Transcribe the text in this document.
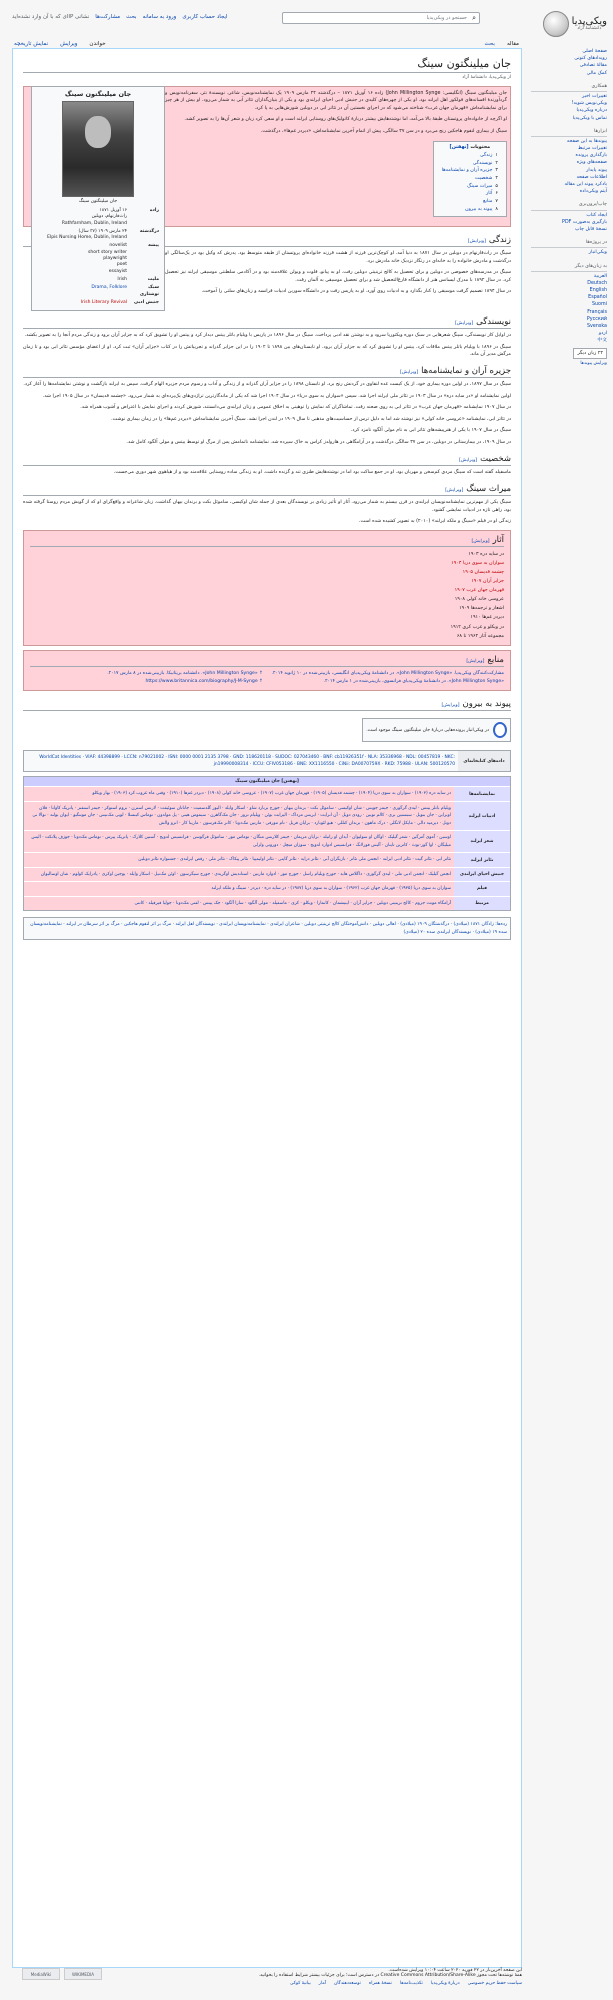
ویکی‌پدیا
دانشنامهٔ آزاد
ایجاد حساب کاربری
ورود به سامانه
بحث
مشارکت‌ها
نشانی IP‌ای که با آن وارد نشده‌اید	جستجو در ویکی‌پدیا ⌕
مقاله
بحث
خواندن
ویرایش
نمایش تاریخچه
صفحهٔ اصلی
رویدادهای کنونی
مقالهٔ تصادفی
کمک مالی
همکاری
تغییرات اخیر
ویکی‌نویس شوید!
درباره ویکی‌پدیا
تماس با ویکی‌پدیا
ابزارها
پیوندها به این صفحه
تغییرات مرتبط
بارگذاری پرونده
صفحه‌های ویژه
پیوند پایدار
اطلاعات صفحه
یادکرد پیوند این مقاله
آیتم ویکی‌داده
چاپ/برون‌بری
ایجاد کتاب
بارگیری به‌صورت PDF
نسخهٔ قابل چاپ
در پروژه‌ها
ویکی‌انبار
به زبان‌های دیگر
العربية
Deutsch
English
Español
Suomi
Français
Русский
Svenska
اردو
中文
۲۴ زبان دیگر
ویرایش پیوندها
جان میلینگتون سینگ
از ویکی‌پدیا، دانشنامهٔ آزاد
جان میلینگتون سینگ
جان میلینگتون سینگ
زاده	۱۶ آوریل ۱۸۷۱
راث‌فارنهام، دوبلین
Rathfarnham, Dublin, Ireland
درگذشته	۲۴ مارس ۱۹۰۹ (۳۷ سال)
Elpis Nursing Home, Dublin, Ireland
پیشه	novelist
short story writer
playwright
poet
essayist
ملیت	Irish
سبک نوشتاری	Drama, Folklore
جنبش ادبی	Irish Literary Revival

جان میلینگتون سینگ (انگلیسی: John Millington Synge) زاده ۱۶ آوریل ۱۸۷۱ – درگذشته ۲۴ مارس ۱۹۰۹ یک نمایشنامه‌نویس، شاعر، نویسندهٔ نثر، سفرنامه‌نویس و گردآورندهٔ افسانه‌های فولکور اهل ایرلند بود. او یکی از چهره‌های کلیدی در جنبش ادبی احیای ایرلندی بود و یکی از بنیان‌گذاران تئاتر آبی به شمار می‌رود. او بیش از هر چیز برای نمایشنامه‌اش «قهرمان جهان غرب» شناخته می‌شود که در اجرای نخستین آن در تئاتر ابی در دوبلین شورش‌هایی به پا کرد.

او اگرچه از خانواده‌ای پروتستان طبقهٔ بالا می‌آمد، اما نوشته‌هایش بیشتر دربارهٔ کاتولیک‌های روستایی ایرلند است و او سعی کرد زبان و شعر آن‌ها را به تصویر کشد.

سینگ از بیماری لنفوم هاجکین رنج می‌برد و در سن ۳۷ سالگی، پیش از اتمام آخرین نمایشنامه‌اش، «دیردر غم‌ها»، درگذشت.

محتویات [نهفتن]
۱زندگی
۲نویسندگی
۳جزیره آران و نمایشنامه‌ها
۴شخصیت
۵میراث سینگ
۶آثار
۷منابع
۸پیوند به بیرون
زندگی[ویرایش]

سینگ در راث‌فارنهام در دوبلین در سال ۱۸۷۱ به دنیا آمد. او کوچک‌ترین فرزند از هشت فرزند خانواده‌ای پروتستان از طبقه متوسط بود. پدرش که وکیل بود در یک‌سالگی او درگذشت و مادرش خانواده را به خانه‌ای در رتگار نزدیک خانه مادرش برد.

سینگ در مدرسه‌های خصوصی در دوبلین و برای تحصیل به کالج ترینیتی دوبلین رفت. او به پیانو، فلوت و ویولن علاقه‌مند بود و در آکادمی سلطنتی موسیقی ایرلند نیز تحصیل کرد. در سال ۱۸۹۲ با مدرک لیسانس هنر از دانشگاه فارغ‌التحصیل شد و برای تحصیل موسیقی به آلمان رفت.

در سال ۱۸۹۴ تصمیم گرفت موسیقی را کنار بگذارد و به ادبیات روی آورد. او به پاریس رفت و در دانشگاه سوربن ادبیات فرانسه و زبان‌های سلتی را آموخت.

نویسندگی[ویرایش]

در اوایل کار نویسندگی، سینگ شعرهایی در سبک دوره ویکتوریا سرود و به نوشتن نقد ادبی پرداخت. سینگ در سال ۱۸۹۶ در پاریس با ویلیام باتلر ییتس دیدار کرد و ییتس او را تشویق کرد که به جزایر آران برود و زندگی مردم آنجا را به تصویر بکشد.

سینگ در ۱۸۹۶ با ویلیام باتلر ییتس ملاقات کرد. ییتس او را تشویق کرد که به جزایر آران برود. او تابستان‌های بین ۱۸۹۸ تا ۱۹۰۲ را در این جزایر گذراند و تجربیاتش را در کتاب «جزایر آران» ثبت کرد. او از اعضای مؤسس تئاتر ابی بود و تا زمان مرگش مدیر آن ماند.

جزیره آران و نمایشنامه‌ها[ویرایش]

سینگ در سال ۱۸۹۷، در اولین دوره بیماری خود، از یک کیست غده لنفاوی در گردنش رنج برد. او تابستان ۱۸۹۸ را در جزایر آران گذراند و از زندگی و آداب و رسوم مردم جزیره الهام گرفت. سپس به ایرلند بازگشت و نوشتن نمایشنامه‌ها را آغاز کرد.

اولین نمایشنامه او «در سایه دره» در سال ۱۹۰۳ در تئاتر ملی ایرلند اجرا شد. سپس «سواران به سوی دریا» در سال ۱۹۰۴ اجرا شد که یکی از ماندگارترین تراژدی‌های یک‌پرده‌ای به شمار می‌رود. «چشمه قدیسان» در سال ۱۹۰۵ اجرا شد.

در سال ۱۹۰۷ نمایشنامه «قهرمان جهان غرب» در تئاتر ابی به روی صحنه رفت. تماشاگران که نمایش را توهینی به اخلاق عمومی و زنان ایرلندی می‌دانستند، شورش کردند و اجرای نمایش با اعتراض و آشوب همراه شد.

در تئاتر ابی، نمایشنامه «عروسی خانه کولی» نیز نوشته شد اما به دلیل ترس از حساسیت‌های مذهبی تا سال ۱۹۰۹ در لندن اجرا نشد. سینگ آخرین نمایشنامه‌اش «دیردر غم‌ها» را در زمان بیماری نوشت.

سینگ در سال ۱۹۰۷ با یکی از هنرپیشه‌های تئاتر ابی به نام مولی آلگود نامزد کرد.

در سال ۱۹۰۹، در بیمارستانی در دوبلین، در سن ۳۷ سالگی درگذشت و در آرامگاهی در هارولدز کراس به خاک سپرده شد. نمایشنامه ناتمامش پس از مرگ او توسط ییتس و مولی آلگود کامل شد.

شخصیت[ویرایش]

ماسفیلد گفته است که سینگ مردی کم‌سخن و مهربان بود. او در جمع ساکت بود اما در نوشته‌هایش طنزی تند و گزنده داشت. او به زندگی ساده روستایی علاقه‌مند بود و از هیاهوی شهر دوری می‌جست.

میراث سینگ[ویرایش]

سینگ یکی از مهم‌ترین نمایشنامه‌نویسان ایرلندی در قرن بیستم به شمار می‌رود. آثار او تأثیر زیادی بر نویسندگان بعدی از جمله شان اوکیسی، ساموئل بکت و برندان بیهان گذاشت. زبان شاعرانه و واقع‌گرای او که از گویش مردم روستا گرفته شده بود، راهی تازه در ادبیات نمایشی گشود.

زندگی او در فیلم «سینگ و ملکه ایرلند» (۲۰۱۰) به تصویر کشیده شده است.

آثار[ویرایش]
در سایه دره ۱۹۰۳
سواران به سوی دریا ۱۹۰۴
چشمه قدیسان ۱۹۰۵
جزایر آران ۱۹۰۷
قهرمان جهان غرب ۱۹۰۷
عروسی خانه کولی ۱۹۰۸
اشعار و ترجمه‌ها ۱۹۰۹
دیردر غم‌ها ۱۹۱۰
در ویکلو و غرب کری ۱۹۱۲
مجموعه آثار ۱۹۶۲ تا ۶۸
منابع[ویرایش]
مشارکت‌کنندگان ویکی‌پدیا. «John Millington Synge». در دانشنامهٔ ویکی‌پدیای انگلیسی، بازبینی‌شده در ۱۰ ژانویه ۲۰۱۴.
«John Millington Synge». در دانشنامهٔ ویکی‌پدیای فرانسوی، بازبینی‌شده در ۱ مارس ۲۰۱۴.
↑ «John Millington Synge». دانشنامه بریتانیکا. بازبینی‌شده در ۸ مارس ۲۰۱۷.
↑ https://www.britannica.com/biography/J-M-Synge
پیوند به بیرون[ویرایش]
در ویکی‌انبار پرونده‌هایی دربارهٔ جان میلینگتون سینگ موجود است.
داده‌های کتابخانه‌ای
WorldCat Identities · VIAF: 44398899 · LCCN: n79021002 · ISNI: 0000 0001 2135 3798 · GND: 118620118 · SUDOC: 027043460 · BNF: cb11926351f · NLA: 35336968 · NDL: 00457819 · NKC: jn19990008314 · ICCU: CFIV053186 · BNE: XX1116550 · CiNii: DA0070759X · RKD: 75988 · ULAN: 500120570
[نهفتن] جان میلینگتون سینگ
نمایشنامه‌ها
در سایه دره (۱۹۰۳) · سواران به سوی دریا (۱۹۰۴) · چشمه قدیسان (۱۹۰۵) · قهرمان جهان غرب (۱۹۰۷) · عروسی خانه کولی (۱۹۰۸) · دیردر غم‌ها (۱۹۱۰) · وقتی ماه غروب کرد (۱۹۰۳) · بهار ویکلو
ادبیات ایرلند
ویلیام باتلر ییتس · لیدی گرگوری · جیمز جویس · شان اوکیسی · ساموئل بکت · برندان بیهان · جورج برنارد شاو · اسکار وایلد · الیور گلدسمیت · جاناتان سوئیفت · لارنس استرن · بروم استوکر · جیمز استفنز · پاتریک کاوانا · فلان اوبراین · جان بنویل · سبستین بری · کالم توبین · رودی دویل · آن انرایت · ایریس مرداک · الیزابت بوئن · ویلیام ترور · جان مک‌گاهرن · سیموس هینی · پل مولدون · توماس کینسلا · لویی مک‌نیس · جان مونتگیو · ایوان بولند · نوالا نی دونل · دیرمید دالی · مایکل لانگلی · درک ماهون · برندان کنللی · هیو لئونارد · برایان فریل · تام مورفی · مارتین مک‌دونا · کانر مک‌فرسون · مارینا کار · انزو والش
شعر ایرلند
اوسین · آموی آمرگین · شعر گیلیک · اوگان او سولیوان · آیدان او راتیله · برایان مریمان · جیمز کلارنس منگان · توماس مور · ساموئل فرگوسن · فرانسیس لدویج · آستین کلارک · پاتریک پیرس · توماس مک‌دونا · جوزف پلانکت · الیس میلیگان · اوا گور-بوث · کاترین تاینان · آلیس فورلانگ · فرانسیس ادوارد لدویج · سوزان میچل · دوروتی ولزلی
تئاتر ایرلند
تئاتر ابی · تئاتر گیت · تئاتر ادبی ایرلند · انجمن ملی تئاتر · بازیگران آبی · تئاتر دراید · تئاتر گایتی · تئاتر اولیمپیا · تئاتر پیکاک · تئاتر ملی · رقص ایرلندی · جشنواره تئاتر دوبلین
جنبش احیای ایرلندی
انجمن گیلیک · انجمن ادبی ملی · لیدی گرگوری · داگلاس هاید · جورج ویلیام راسل · جورج مور · ادوارد مارتین · استاندیش اوگریدی · جورج سیگرسون · اوئن مک‌نیل · اسکار وایلد · یوجین اوکری · پادرایک کولوم · شان اوسالیوان
فیلم
سواران به سوی دریا (۱۹۳۵) · قهرمان جهان غرب (۱۹۶۲) · سواران به سوی دریا (۱۹۸۷) · در سایه دره · دیردر · سینگ و ملکه ایرلند
مرتبط
آرامگاه مونت جروم · کالج ترینیتی دوبلین · جزایر آران · اینیشمان · کانمارا · ویکلو · کری · ماسفیلد · مولی آلگود · سارا آلگود · جک ییتس · لفتی مک‌دونا · جولیا فیرفیلد · کانتی
رده‌ها: زادگان ۱۸۷۱ (میلادی) · درگذشتگان ۱۹۰۹ (میلادی) · اهالی دوبلین · دانش‌آموختگان کالج ترینیتی دوبلین · شاعران ایرلندی · نمایشنامه‌نویسان ایرلندی · نویسندگان اهل ایرلند · مرگ بر اثر لنفوم هاجکین · مرگ بر اثر سرطان در ایرلند · نمایشنامه‌نویسان سده ۱۹ (میلادی) · نویسندگان ایرلندی سده ۲۰ (میلادی)
این صفحه آخرین‌بار در ۲۲ فوریه ۲۰۲۰ ساعت ۱۰:۰۴ ویرایش شده‌است.
همهٔ نوشته‌ها تحت مجوز Creative Commons Attribution/Share-Alike در دسترس است؛ برای جزئیات بیشتر شرایط استفاده را بخوانید.
سیاست حفظ حریم خصوصی
دربارهٔ ویکی‌پدیا
تکذیب‌نامه‌ها
نسخهٔ همراه
توسعه‌دهندگان
آمار
بیانیهٔ کوکی
WIKIMEDIA
MediaWiki
